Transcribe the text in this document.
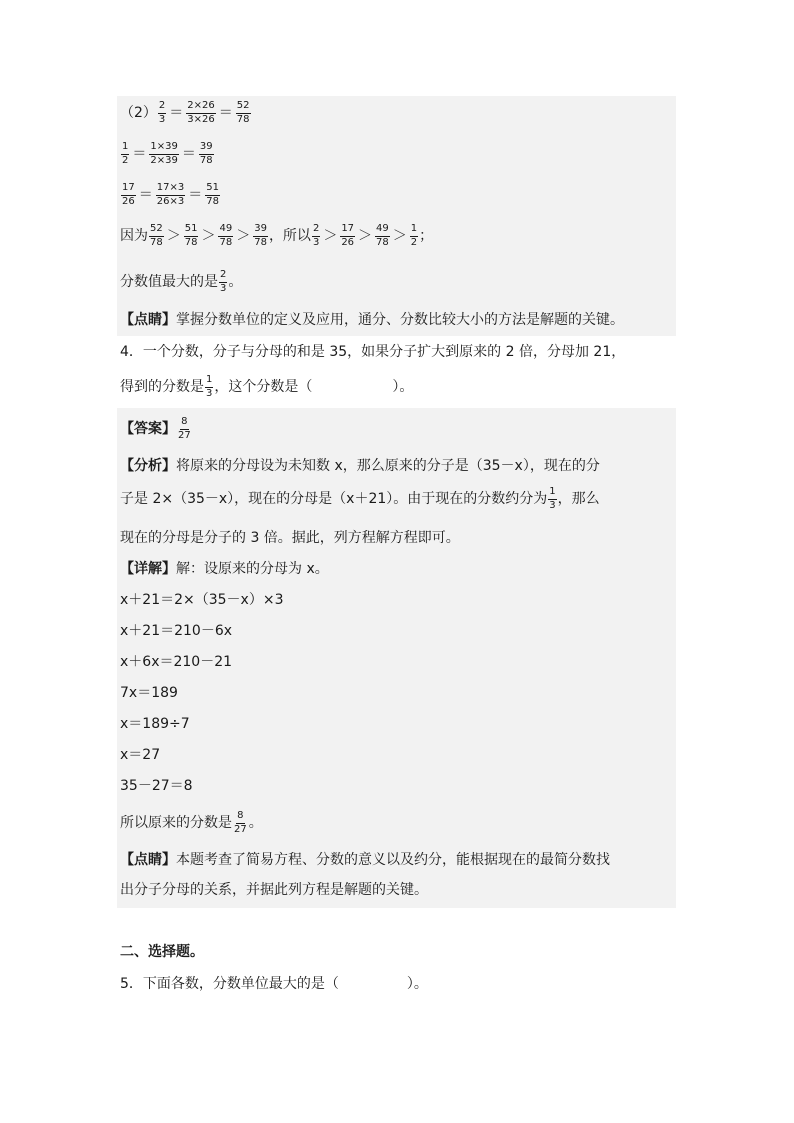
$(2) \frac{2}{3} = \frac{2\times 26}{3\times 26} = \frac{52}{78}$
$\frac{1}{2} = \frac{1\times 39}{2\times 39} = \frac{39}{78}$
$\frac{17}{26} = \frac{17\times 3}{26\times 3} = \frac{51}{78}$
因为 $\frac{52}{78} > \frac{51}{78} > \frac{49}{78} > \frac{39}{78}$ ，所以 $\frac{2}{3} > \frac{17}{26} > \frac{49}{78} > \frac{1}{2}$ ；
分数值最大的是 $\frac{2}{3}$ 。
【点睛】 掌握分数单位的定义及应用，通分、分数比较大小的方法是解题的关键。
4．一个分数，分子与分母的和是 35，如果分子扩大到原来的 2 倍，分母加 21，
得到的分数是 $\frac{1}{3}$ ，这个分数是（	）。
【答案】 $\frac{8}{27}$
【分析】 将原来的分母设为未知数 x，那么原来的分子是（35－x），现在的分
子是 2×（35－x），现在的分母是（x＋21）。由于现在的分数约分为 $\frac{1}{3}$ ，那么
现在的分母是分子的 3 倍。据此，列方程解方程即可。
【详解】 解：设原来的分母为 x。
x＋21＝2×（35－x）×3
x＋21＝210－6x
x＋6x＝210－21
7x＝189
x＝189÷7
x＝27
35－27＝8
所以原来的分数是 $\frac{8}{27}$ 。
【点睛】 本题考查了简易方程、分数的意义以及约分，能根据现在的最简分数找
出分子分母的关系，并据此列方程是解题的关键。
二、选择题。
5．下面各数，分数单位最大的是（	）。
